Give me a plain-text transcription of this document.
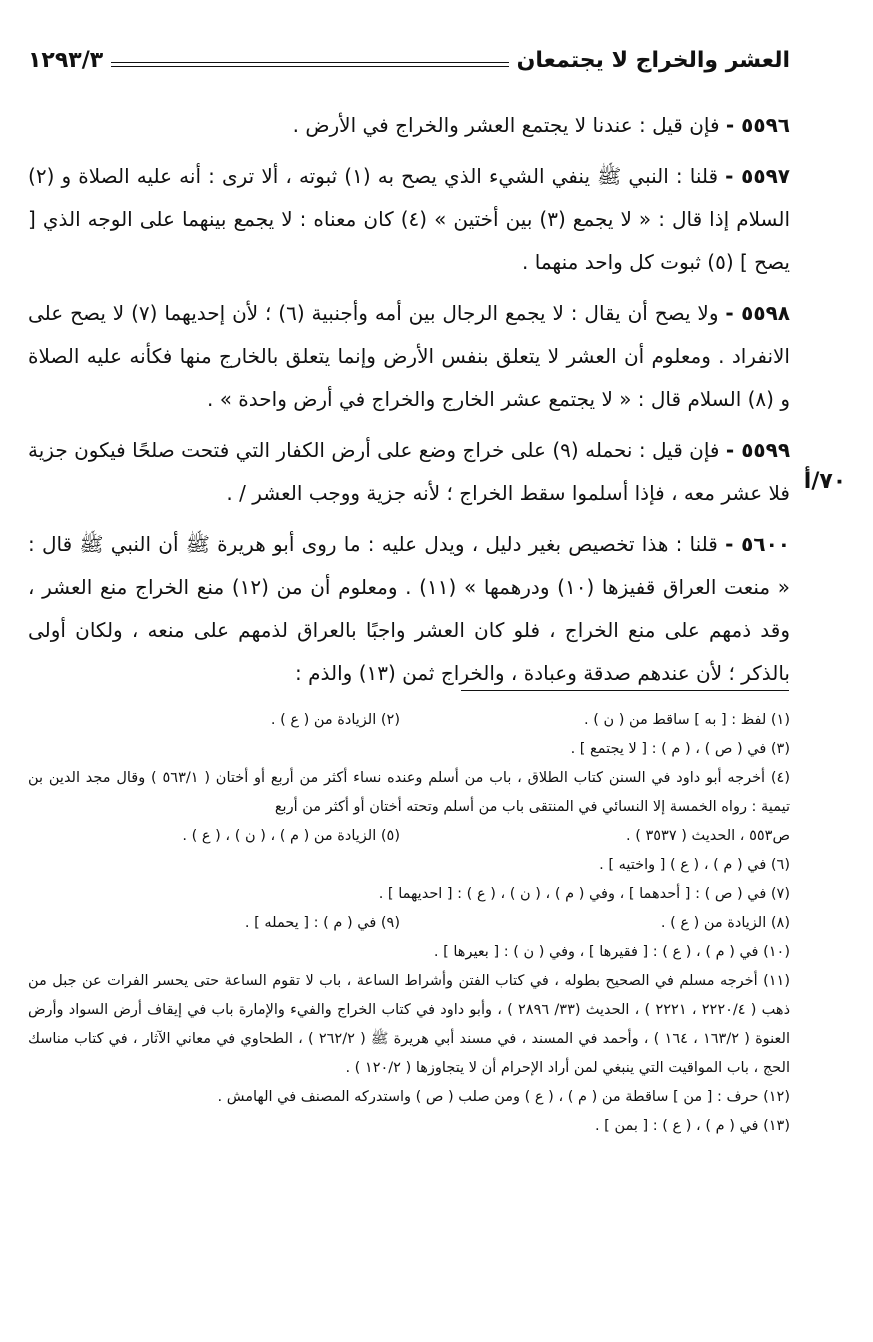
العشر والخراج لا يجتمعان
١٢٩٣/٣
٧٠/أ

٥٥٩٦ - فإن قيل : عندنا لا يجتمع العشر والخراج في الأرض .

٥٥٩٧ - قلنا : النبي ﷺ ينفي الشيء الذي يصح به (١) ثبوته ، ألا ترى : أنه عليه الصلاة و (٢) السلام إذا قال : « لا يجمع (٣) بين أختين » (٤) كان معناه : لا يجمع بينهما على الوجه الذي [ يصح ] (٥) ثبوت كل واحد منهما .

٥٥٩٨ - ولا يصح أن يقال : لا يجمع الرجال بين أمه وأجنبية (٦) ؛ لأن إحديهما (٧) لا يصح على الانفراد . ومعلوم أن العشر لا يتعلق بنفس الأرض وإنما يتعلق بالخارج منها فكأنه عليه الصلاة و (٨) السلام قال : « لا يجتمع عشر الخارج والخراج في أرض واحدة » .

٥٥٩٩ - فإن قيل : نحمله (٩) على خراج وضع على أرض الكفار التي فتحت صلحًا فيكون جزية فلا عشر معه ، فإذا أسلموا سقط الخراج ؛ لأنه جزية ووجب العشر / .

٥٦٠٠ - قلنا : هذا تخصيص بغير دليل ، ويدل عليه : ما روى أبو هريرة ﷺ أن النبي ﷺ قال : « منعت العراق قفيزها (١٠) ودرهمها » (١١) . ومعلوم أن من (١٢) منع الخراج منع العشر ، وقد ذمهم على منع الخراج ، فلو كان العشر واجبًا بالعراق لذمهم على منعه ، ولكان أولى بالذكر ؛ لأن عندهم صدقة وعبادة ، والخراج ثمن (١٣) والذم :

(١) لفظ : [ به ] ساقط من ( ن ) .
(٢) الزيادة من ( ع ) .

(٣) في ( ص ) ، ( م ) : [ لا يجتمع ] .

(٤) أخرجه أبو داود في السنن كتاب الطلاق ، باب من أسلم وعنده نساء أكثر من أربع أو أختان ( ٥٦٣/١ ) وقال مجد الدين بن تيمية : رواه الخمسة إلا النسائي في المنتقى باب من أسلم وتحته أختان أو أكثر من أربع

ص٥٥٣ ، الحديث ( ٣٥٣٧ ) .
(٥) الزيادة من ( م ) ، ( ن ) ، ( ع ) .

(٦) في ( م ) ، ( ع ) [ واختيه ] .

(٧) في ( ص ) : [ أحدهما ] ، وفي ( م ) ، ( ن ) ، ( ع ) : [ احديهما ] .

(٨) الزيادة من ( ع ) .
(٩) في ( م ) : [ يحمله ] .

(١٠) في ( م ) ، ( ع ) : [ فقيرها ] ، وفي ( ن ) : [ بعيرها ] .

(١١) أخرجه مسلم في الصحيح بطوله ، في كتاب الفتن وأشراط الساعة ، باب لا تقوم الساعة حتى يحسر الفرات عن جبل من ذهب ( ٢٢٢٠/٤ ، ٢٢٢١ ) ، الحديث (٣٣/ ٢٨٩٦ ) ، وأبو داود في كتاب الخراج والفيء والإمارة باب في إيقاف أرض السواد وأرض العنوة ( ١٦٣/٢ ، ١٦٤ ) ، وأحمد في المسند ، في مسند أبي هريرة ﷺ ( ٢٦٢/٢ ) ، الطحاوي في معاني الآثار ، في كتاب مناسك الحج ، باب المواقيت التي ينبغي لمن أراد الإحرام أن لا يتجاوزها ( ١٢٠/٢ ) .

(١٢) حرف : [ من ] ساقطة من ( م ) ، ( ع ) ومن صلب ( ص ) واستدركه المصنف في الهامش .

(١٣) في ( م ) ، ( ع ) : [ بمن ] .
